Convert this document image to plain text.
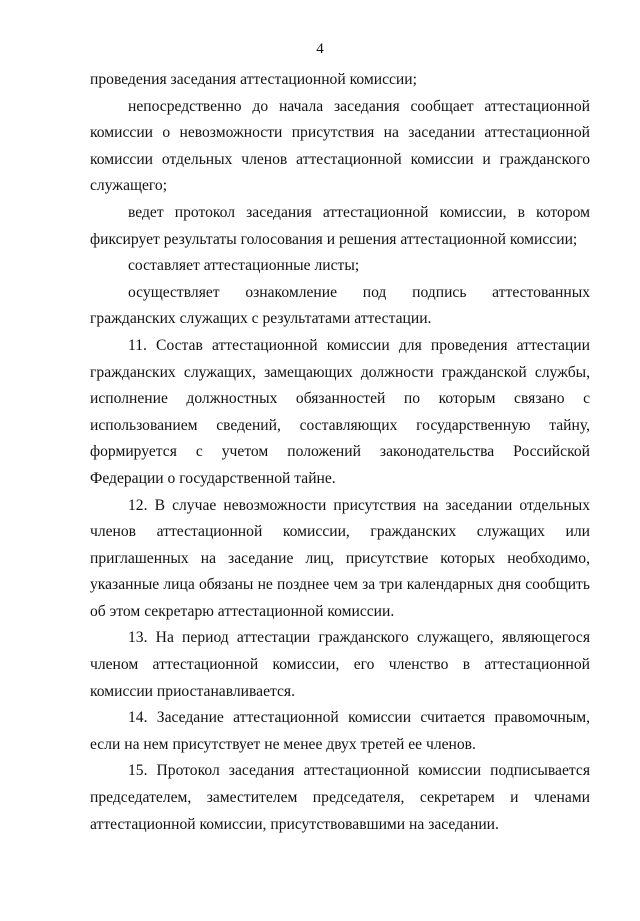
4

проведения заседания аттестационной комиссии;

непосредственно до начала заседания сообщает аттестационной комиссии о невозможности присутствия на заседании аттестационной комиссии отдельных членов аттестационной комиссии и гражданского служащего;

ведет протокол заседания аттестационной комиссии, в котором фиксирует результаты голосования и решения аттестационной комиссии;

составляет аттестационные листы;

осуществляет ознакомление под подпись аттестованных гражданских служащих с результатами аттестации.

11. Состав аттестационной комиссии для проведения аттестации гражданских служащих, замещающих должности гражданской службы, исполнение должностных обязанностей по которым связано с использованием сведений, составляющих государственную тайну, формируется с учетом положений законодательства Российской Федерации о государственной тайне.

12. В случае невозможности присутствия на заседании отдельных членов аттестационной комиссии, гражданских служащих или приглашенных на заседание лиц, присутствие которых необходимо, указанные лица обязаны не позднее чем за три календарных дня сообщить об этом секретарю аттестационной комиссии.

13. На период аттестации гражданского служащего, являющегося членом аттестационной комиссии, его членство в аттестационной комиссии приостанавливается.

14. Заседание аттестационной комиссии считается правомочным, если на нем присутствует не менее двух третей ее членов.

15. Протокол заседания аттестационной комиссии подписывается председателем, заместителем председателя, секретарем и членами аттестационной комиссии, присутствовавшими на заседании.
